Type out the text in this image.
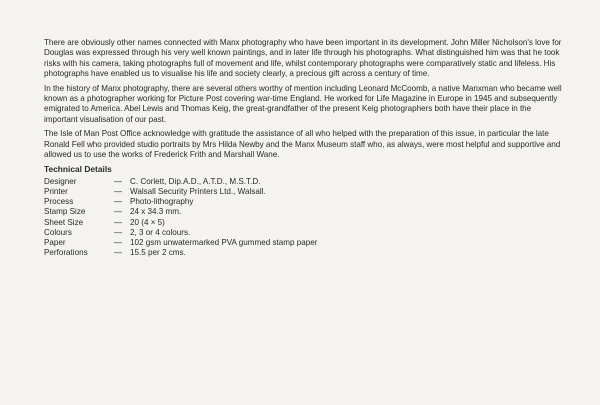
There are obviously other names connected with Manx photography who have been important in its development. John Miller Nicholson's love for Douglas was expressed through his very well known paintings, and in later life through his photographs. What distinguished him was that he took risks with his camera, taking photographs full of movement and life, whilst contemporary photographs were comparatively static and lifeless. His photographs have enabled us to visualise his life and society clearly, a precious gift across a century of time.

In the history of Manx photography, there are several others worthy of mention including Leonard McCoomb, a native Manxman who became well known as a photographer working for Picture Post covering war-time England. He worked for Life Magazine in Europe in 1945 and subsequently emigrated to America. Abel Lewis and Thomas Keig, the great-grandfather of the present Keig photographers both have their place in the important visualisation of our past.

The Isle of Man Post Office acknowledge with gratitude the assistance of all who helped with the preparation of this issue, in particular the late Ronald Fell who provided studio portraits by Mrs Hilda Newby and the Manx Museum staff who, as always, were most helpful and supportive and allowed us to use the works of Frederick Frith and Marshall Wane.

Technical Details
Designer	— C. Corlett, Dip.A.D., A.T.D., M.S.T.D.
Printer	— Walsall Security Printers Ltd., Walsall.
Process	— Photo-lithography
Stamp Size	— 24 x 34.3 mm.
Sheet Size	— 20 (4 × 5)
Colours	— 2, 3 or 4 colours.
Paper	— 102 gsm unwatermarked PVA gummed stamp paper
Perforations	— 15.5 per 2 cms.
